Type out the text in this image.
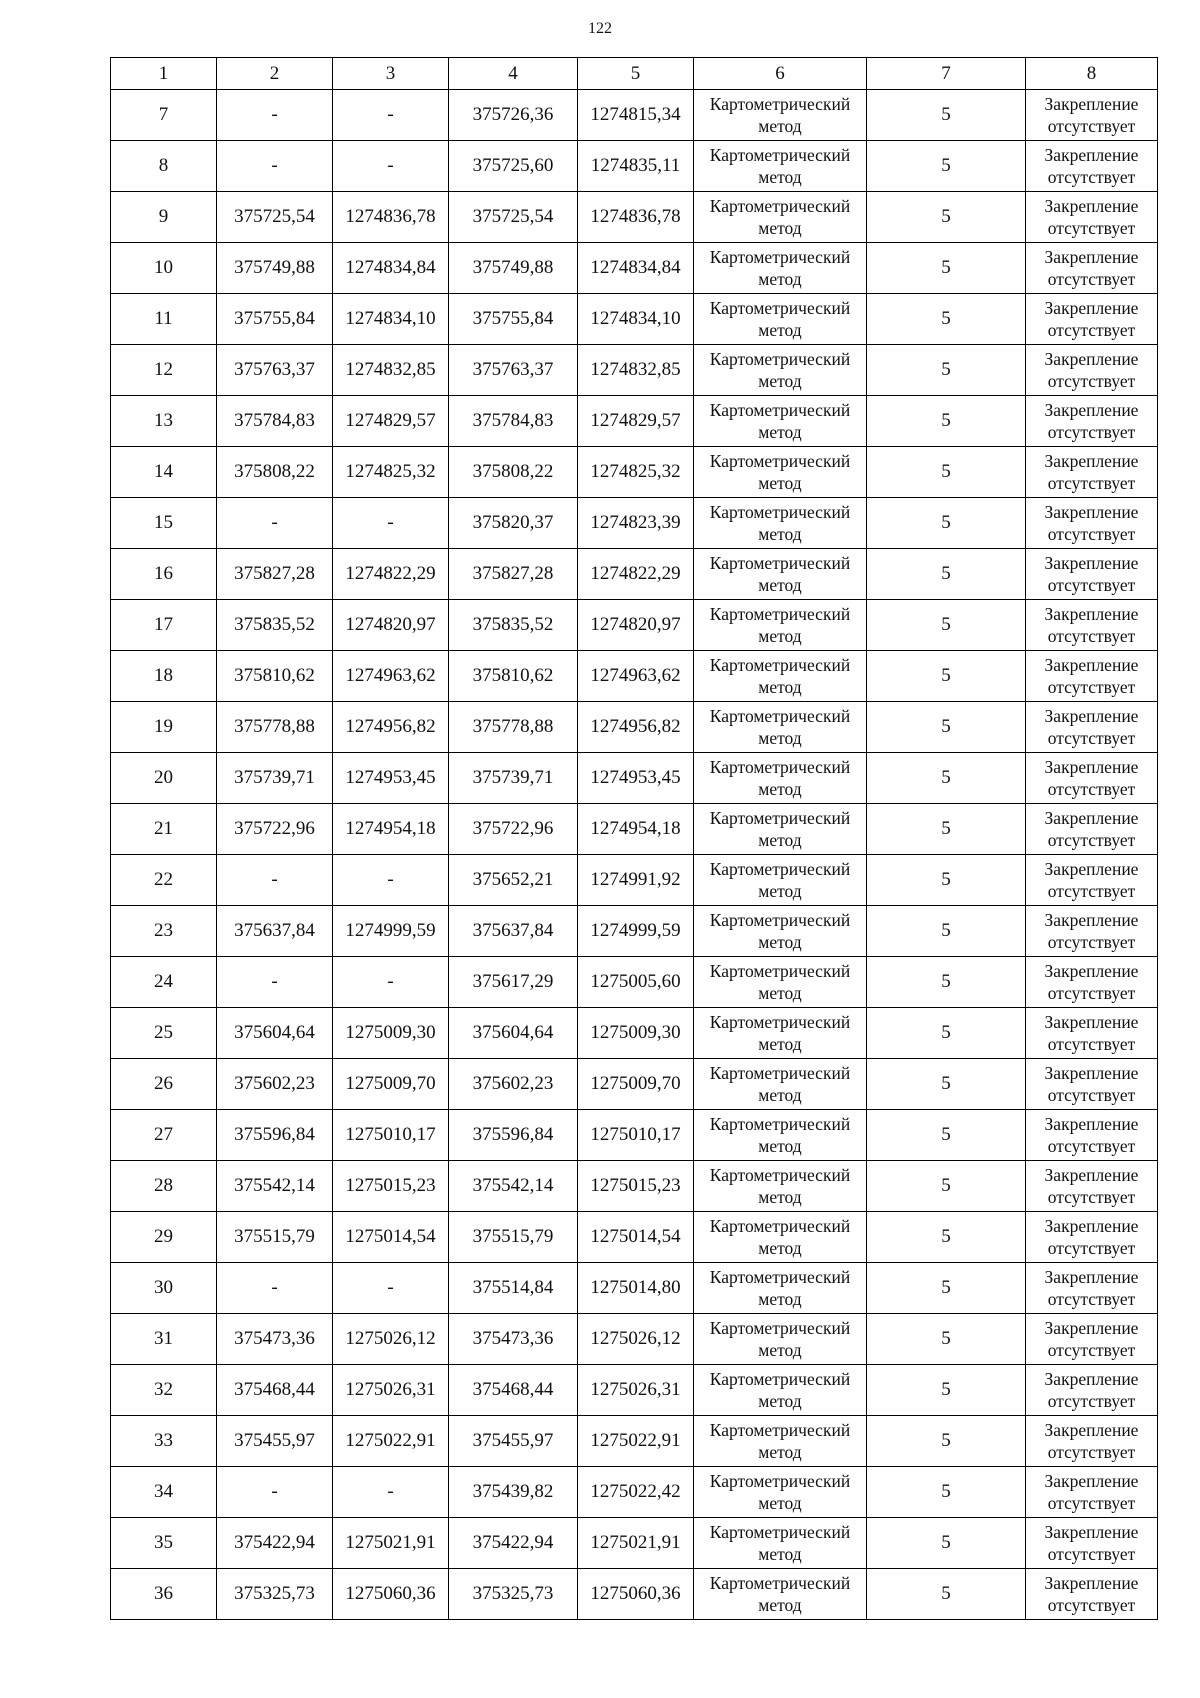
122
1	2	3	4	5	6	7	8
7	-	-	375726,36	1274815,34	Картометрический
метод	5	Закрепление
отсутствует

8	-	-	375725,60	1274835,11	Картометрический
метод	5	Закрепление
отсутствует

9	375725,54	1274836,78	375725,54	1274836,78	Картометрический
метод	5	Закрепление
отсутствует

10	375749,88	1274834,84	375749,88	1274834,84	Картометрический
метод	5	Закрепление
отсутствует

11	375755,84	1274834,10	375755,84	1274834,10	Картометрический
метод	5	Закрепление
отсутствует

12	375763,37	1274832,85	375763,37	1274832,85	Картометрический
метод	5	Закрепление
отсутствует

13	375784,83	1274829,57	375784,83	1274829,57	Картометрический
метод	5	Закрепление
отсутствует

14	375808,22	1274825,32	375808,22	1274825,32	Картометрический
метод	5	Закрепление
отсутствует

15	-	-	375820,37	1274823,39	Картометрический
метод	5	Закрепление
отсутствует

16	375827,28	1274822,29	375827,28	1274822,29	Картометрический
метод	5	Закрепление
отсутствует

17	375835,52	1274820,97	375835,52	1274820,97	Картометрический
метод	5	Закрепление
отсутствует

18	375810,62	1274963,62	375810,62	1274963,62	Картометрический
метод	5	Закрепление
отсутствует

19	375778,88	1274956,82	375778,88	1274956,82	Картометрический
метод	5	Закрепление
отсутствует

20	375739,71	1274953,45	375739,71	1274953,45	Картометрический
метод	5	Закрепление
отсутствует

21	375722,96	1274954,18	375722,96	1274954,18	Картометрический
метод	5	Закрепление
отсутствует

22	-	-	375652,21	1274991,92	Картометрический
метод	5	Закрепление
отсутствует

23	375637,84	1274999,59	375637,84	1274999,59	Картометрический
метод	5	Закрепление
отсутствует

24	-	-	375617,29	1275005,60	Картометрический
метод	5	Закрепление
отсутствует

25	375604,64	1275009,30	375604,64	1275009,30	Картометрический
метод	5	Закрепление
отсутствует

26	375602,23	1275009,70	375602,23	1275009,70	Картометрический
метод	5	Закрепление
отсутствует

27	375596,84	1275010,17	375596,84	1275010,17	Картометрический
метод	5	Закрепление
отсутствует

28	375542,14	1275015,23	375542,14	1275015,23	Картометрический
метод	5	Закрепление
отсутствует

29	375515,79	1275014,54	375515,79	1275014,54	Картометрический
метод	5	Закрепление
отсутствует

30	-	-	375514,84	1275014,80	Картометрический
метод	5	Закрепление
отсутствует

31	375473,36	1275026,12	375473,36	1275026,12	Картометрический
метод	5	Закрепление
отсутствует

32	375468,44	1275026,31	375468,44	1275026,31	Картометрический
метод	5	Закрепление
отсутствует

33	375455,97	1275022,91	375455,97	1275022,91	Картометрический
метод	5	Закрепление
отсутствует

34	-	-	375439,82	1275022,42	Картометрический
метод	5	Закрепление
отсутствует

35	375422,94	1275021,91	375422,94	1275021,91	Картометрический
метод	5	Закрепление
отсутствует

36	375325,73	1275060,36	375325,73	1275060,36	Картометрический
метод	5	Закрепление
отсутствует
